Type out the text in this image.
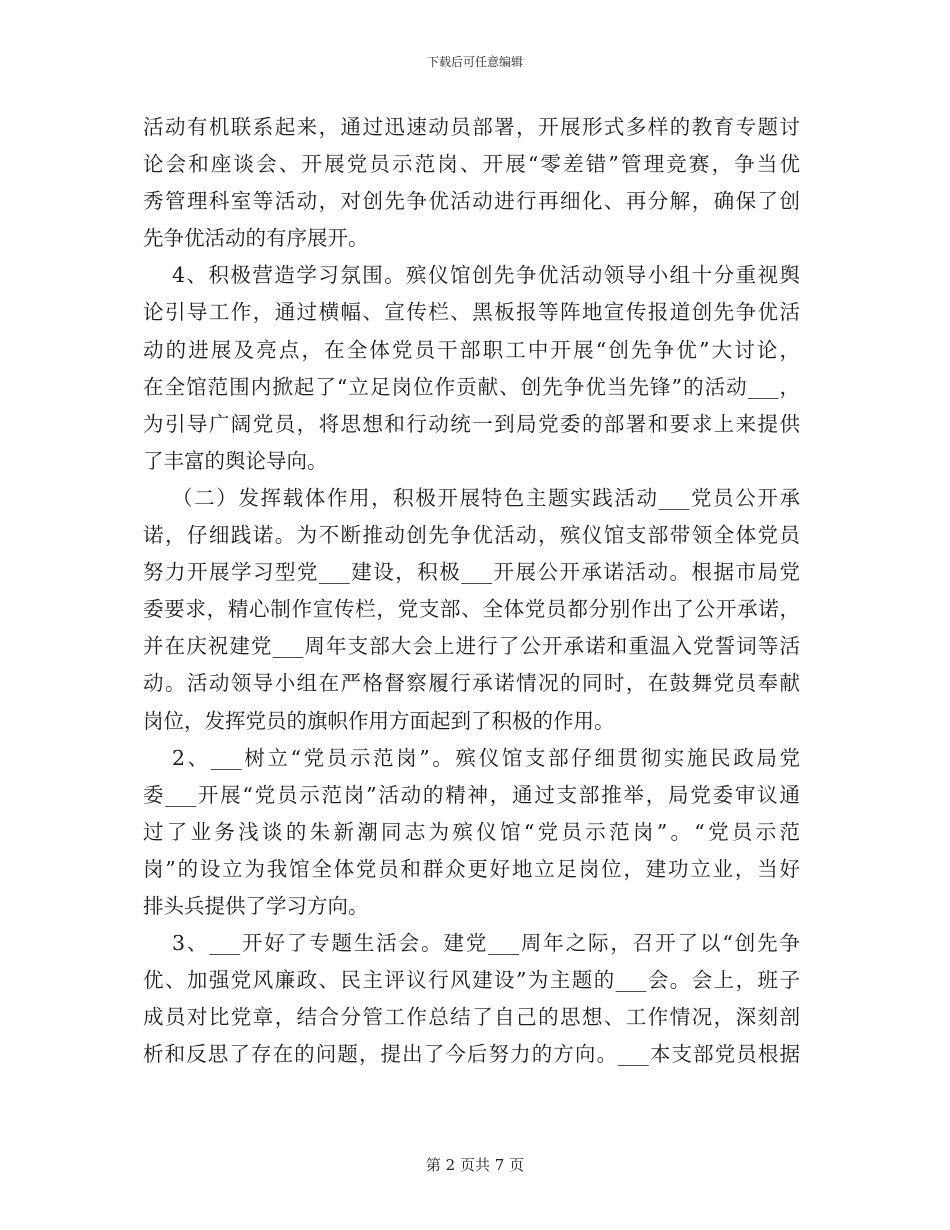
下载后可任意编辑
活动有机联系起来，通过迅速动员部署，开展形式多样的教育专题讨
论会和座谈会、开展党员示范岗、开展“零差错”管理竞赛，争当优
秀管理科室等活动，对创先争优活动进行再细化、再分解，确保了创
先争优活动的有序展开。
4、积极营造学习氛围。殡仪馆创先争优活动领导小组十分重视舆
论引导工作，通过横幅、宣传栏、黑板报等阵地宣传报道创先争优活
动的进展及亮点，在全体党员干部职工中开展“创先争优”大讨论，
在全馆范围内掀起了“立足岗位作贡献、创先争优当先锋”的活动___，
为引导广阔党员，将思想和行动统一到局党委的部署和要求上来提供
了丰富的舆论导向。
（二）发挥载体作用，积极开展特色主题实践活动___党员公开承
诺，仔细践诺。为不断推动创先争优活动，殡仪馆支部带领全体党员
努力开展学习型党___建设，积极___开展公开承诺活动。根据市局党
委要求，精心制作宣传栏，党支部、全体党员都分别作出了公开承诺，
并在庆祝建党___周年支部大会上进行了公开承诺和重温入党誓词等活
动。活动领导小组在严格督察履行承诺情况的同时，在鼓舞党员奉献
岗位，发挥党员的旗帜作用方面起到了积极的作用。
2、___树立“党员示范岗”。殡仪馆支部仔细贯彻实施民政局党
委___开展“党员示范岗”活动的精神，通过支部推举，局党委审议通
过了业务浅谈的朱新潮同志为殡仪馆“党员示范岗”。“党员示范
岗”的设立为我馆全体党员和群众更好地立足岗位，建功立业，当好
排头兵提供了学习方向。
3、___开好了专题生活会。建党___周年之际，召开了以“创先争
优、加强党风廉政、民主评议行风建设”为主题的___会。会上，班子
成员对比党章，结合分管工作总结了自己的思想、工作情况，深刻剖
析和反思了存在的问题，提出了今后努力的方向。___本支部党员根据
第 2 页共 7 页
